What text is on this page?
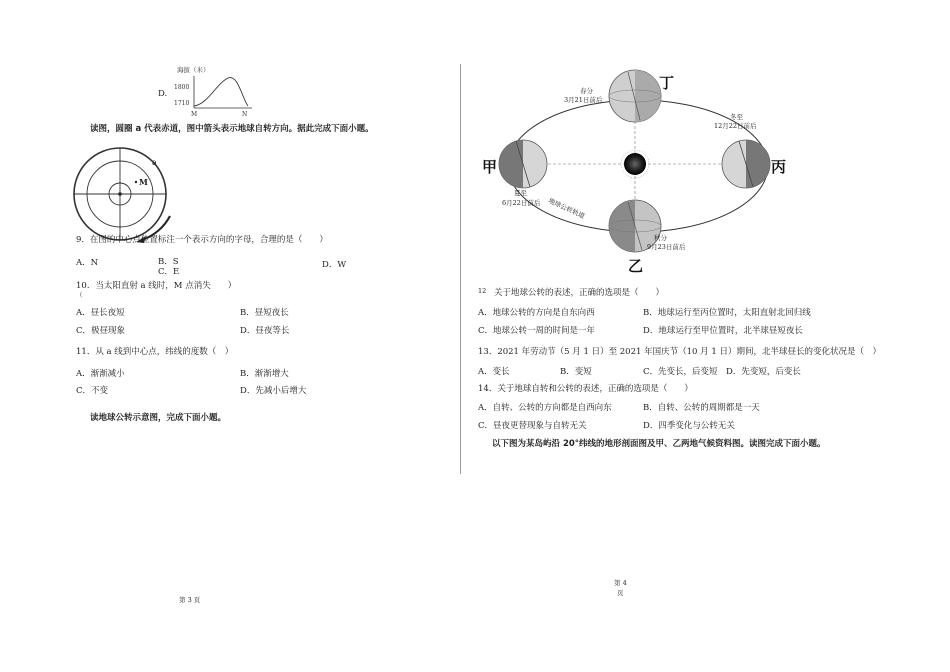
D.
海拔（米）
1800
1710
M	N
读图，圆圈 a 代表赤道，图中箭头表示地球自转方向。据此完成下面小题。
M
a
9．在图的中心点位置标注一个表示方向的字母，合理的是（　　）
A．N	B．S
C．E
D．W
10．当太阳直射 a 线时，M 点消失　　）
（
A．昼长夜短	B．昼短夜长
C．极昼现象	D．昼夜等长
11．从 a 线到中心点，纬线的度数（　）
A．渐渐减小	B．渐渐增大
C．不变	D．先减小后增大
读地球公转示意图，完成下面小题。
第 3 页
丁
甲	丙
乙
春分
3月21日前后
冬至
12月22日前后
夏至
6月22日前后
秋分
9月23日前后
地球公转轨道
12 关于地球公转的表述，正确的选项是（　　）
A．地球公转的方向是自东向西	B．地球运行至丙位置时，太阳直射北回归线
C．地球公转一周的时间是一年	D．地球运行至甲位置时，北半球昼短夜长
13．2021 年劳动节（5 月 1 日）至 2021 年国庆节（10 月 1 日）期间，北半球昼长的变化状况是（　）
A．变长	B．变短	C．先变长，后变短 D．先变短，后变长
14．关于地球自转和公转的表述，正确的选项是（　　）
A．自转、公转的方向都是自西向东	B．自转、公转的周期都是一天
C．昼夜更替现象与自转无关	D．四季变化与公转无关
以下图为某岛屿沿 20°纬线的地形剖面图及甲、乙两地气候资料图。读图完成下面小题。
第 4
页
